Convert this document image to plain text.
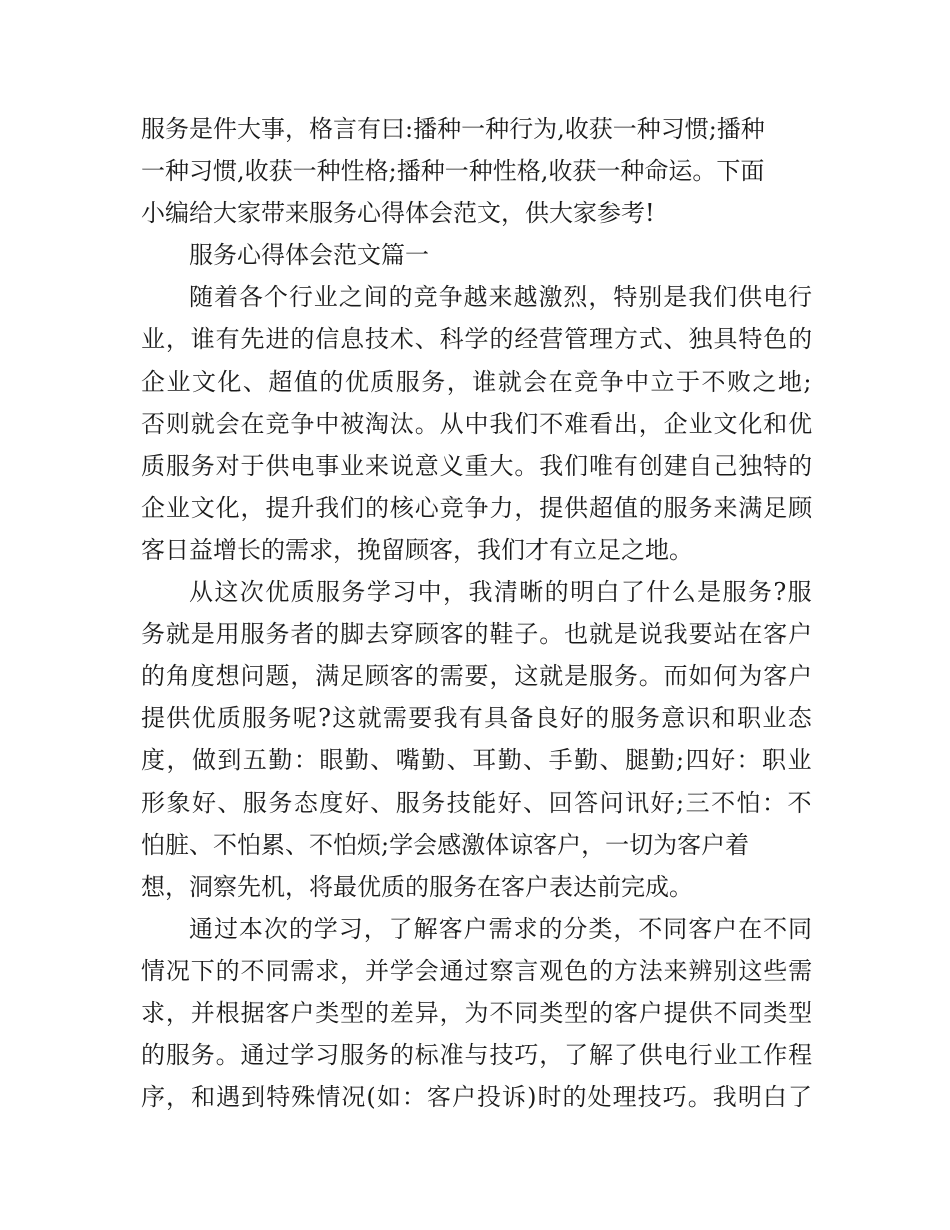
服务是件大事，格言有曰:播种一种行为,收获一种习惯;播种
一种习惯,收获一种性格;播种一种性格,收获一种命运。下面
小编给大家带来服务心得体会范文，供大家参考!
服务心得体会范文篇一
随着各个行业之间的竞争越来越激烈，特别是我们供电行
业，谁有先进的信息技术、科学的经营管理方式、独具特色的
企业文化、超值的优质服务，谁就会在竞争中立于不败之地;
否则就会在竞争中被淘汰。从中我们不难看出，企业文化和优
质服务对于供电事业来说意义重大。我们唯有创建自己独特的
企业文化，提升我们的核心竞争力，提供超值的服务来满足顾
客日益增长的需求，挽留顾客，我们才有立足之地。
从这次优质服务学习中，我清晰的明白了什么是服务?服
务就是用服务者的脚去穿顾客的鞋子。也就是说我要站在客户
的角度想问题，满足顾客的需要，这就是服务。而如何为客户
提供优质服务呢?这就需要我有具备良好的服务意识和职业态
度，做到五勤：眼勤、嘴勤、耳勤、手勤、腿勤;四好：职业
形象好、服务态度好、服务技能好、回答问讯好;三不怕：不
怕脏、不怕累、不怕烦;学会感激体谅客户，一切为客户着
想，洞察先机，将最优质的服务在客户表达前完成。
通过本次的学习，了解客户需求的分类，不同客户在不同
情况下的不同需求，并学会通过察言观色的方法来辨别这些需
求，并根据客户类型的差异，为不同类型的客户提供不同类型
的服务。通过学习服务的标准与技巧，了解了供电行业工作程
序，和遇到特殊情况(如：客户投诉)时的处理技巧。我明白了
